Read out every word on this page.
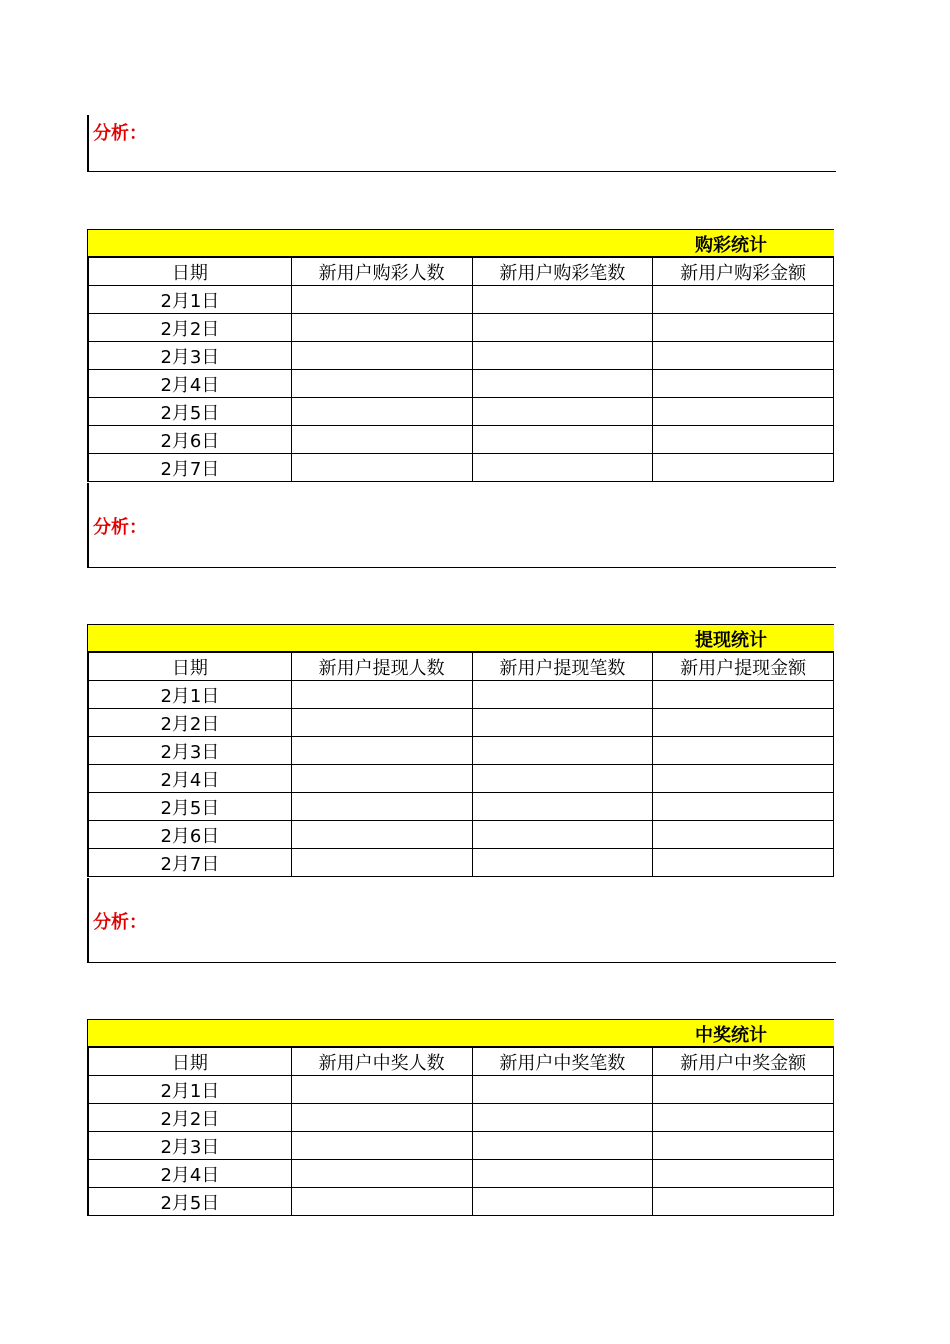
分析：
购彩统计
日期	新用户购彩人数	新用户购彩笔数	新用户购彩金额
2月1日			
2月2日			
2月3日			
2月4日			
2月5日			
2月6日			
2月7日			
分析：
提现统计
日期	新用户提现人数	新用户提现笔数	新用户提现金额
2月1日			
2月2日			
2月3日			
2月4日			
2月5日			
2月6日			
2月7日			
分析：
中奖统计
日期	新用户中奖人数	新用户中奖笔数	新用户中奖金额
2月1日			
2月2日			
2月3日			
2月4日			
2月5日			
